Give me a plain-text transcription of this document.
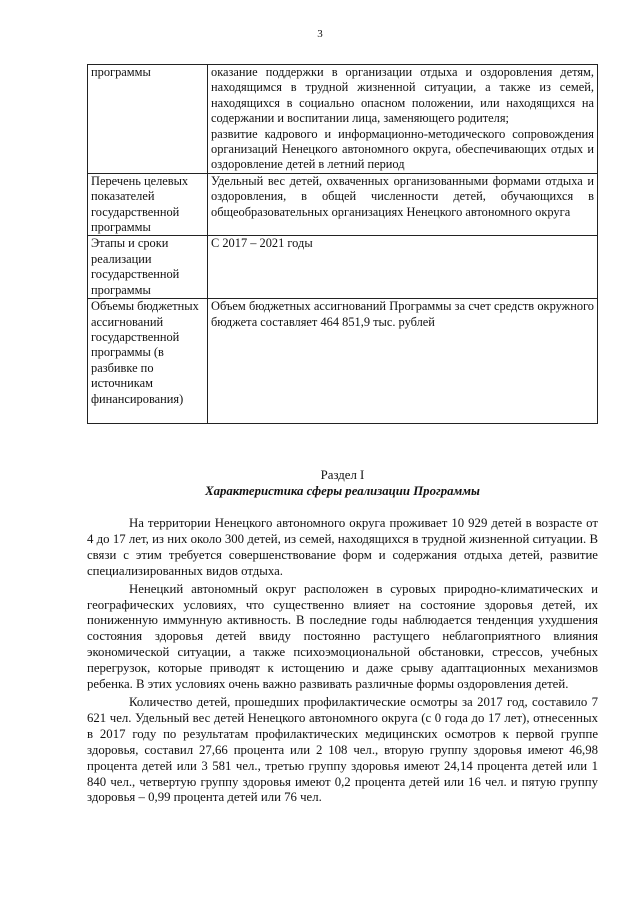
3
программы	оказание поддержки в организации отдыха и оздоровления детям, находящимся в трудной жизненной ситуации, а также из семей, находящихся в социально опасном положении, или находящихся на содержании и воспитании лица, заменяющего родителя;

развитие кадрового и информационно-методического сопровождения организаций Ненецкого автономного округа, обеспечивающих отдых и оздоровление детей в летний период

Перечень целевых показателей государственной программы	Удельный вес детей, охваченных организованными формами отдыха и оздоровления, в общей численности детей, обучающихся в общеобразовательных организациях Ненецкого автономного округа

Этапы и сроки реализации государственной программы	С 2017 – 2021 годы

Объемы бюджетных ассигнований государственной программы (в разбивке по источникам финансирования)	Объем бюджетных ассигнований Программы за счет средств окружного бюджета составляет 464 851,9 тыс. рублей

Раздел I
Характеристика сферы реализации Программы

На территории Ненецкого автономного округа проживает 10 929 детей в возрасте от 4 до 17 лет, из них около 300 детей, из семей, находящихся в трудной жизненной ситуации. В связи с этим требуется совершенствование форм и содержания отдыха детей, развитие специализированных видов отдыха.

Ненецкий автономный округ расположен в суровых природно-климатических и географических условиях, что существенно влияет на состояние здоровья детей, их пониженную иммунную активность. В последние годы наблюдается тенденция ухудшения состояния здоровья детей ввиду постоянно растущего неблагоприятного влияния экономической ситуации, а также психоэмоциональной обстановки, стрессов, учебных перегрузок, которые приводят к истощению и даже срыву адаптационных механизмов ребенка. В этих условиях очень важно развивать различные формы оздоровления детей.

Количество детей, прошедших профилактические осмотры за 2017 год, составило 7 621 чел. Удельный вес детей Ненецкого автономного округа (с 0 года до 17 лет), отнесенных в 2017 году по результатам профилактических медицинских осмотров к первой группе здоровья, составил 27,66 процента или 2 108 чел., вторую группу здоровья имеют 46,98 процента детей или 3 581 чел., третью группу здоровья имеют 24,14 процента детей или 1 840 чел., четвертую группу здоровья имеют 0,2 процента детей или 16 чел. и пятую группу здоровья – 0,99 процента детей или 76 чел.
